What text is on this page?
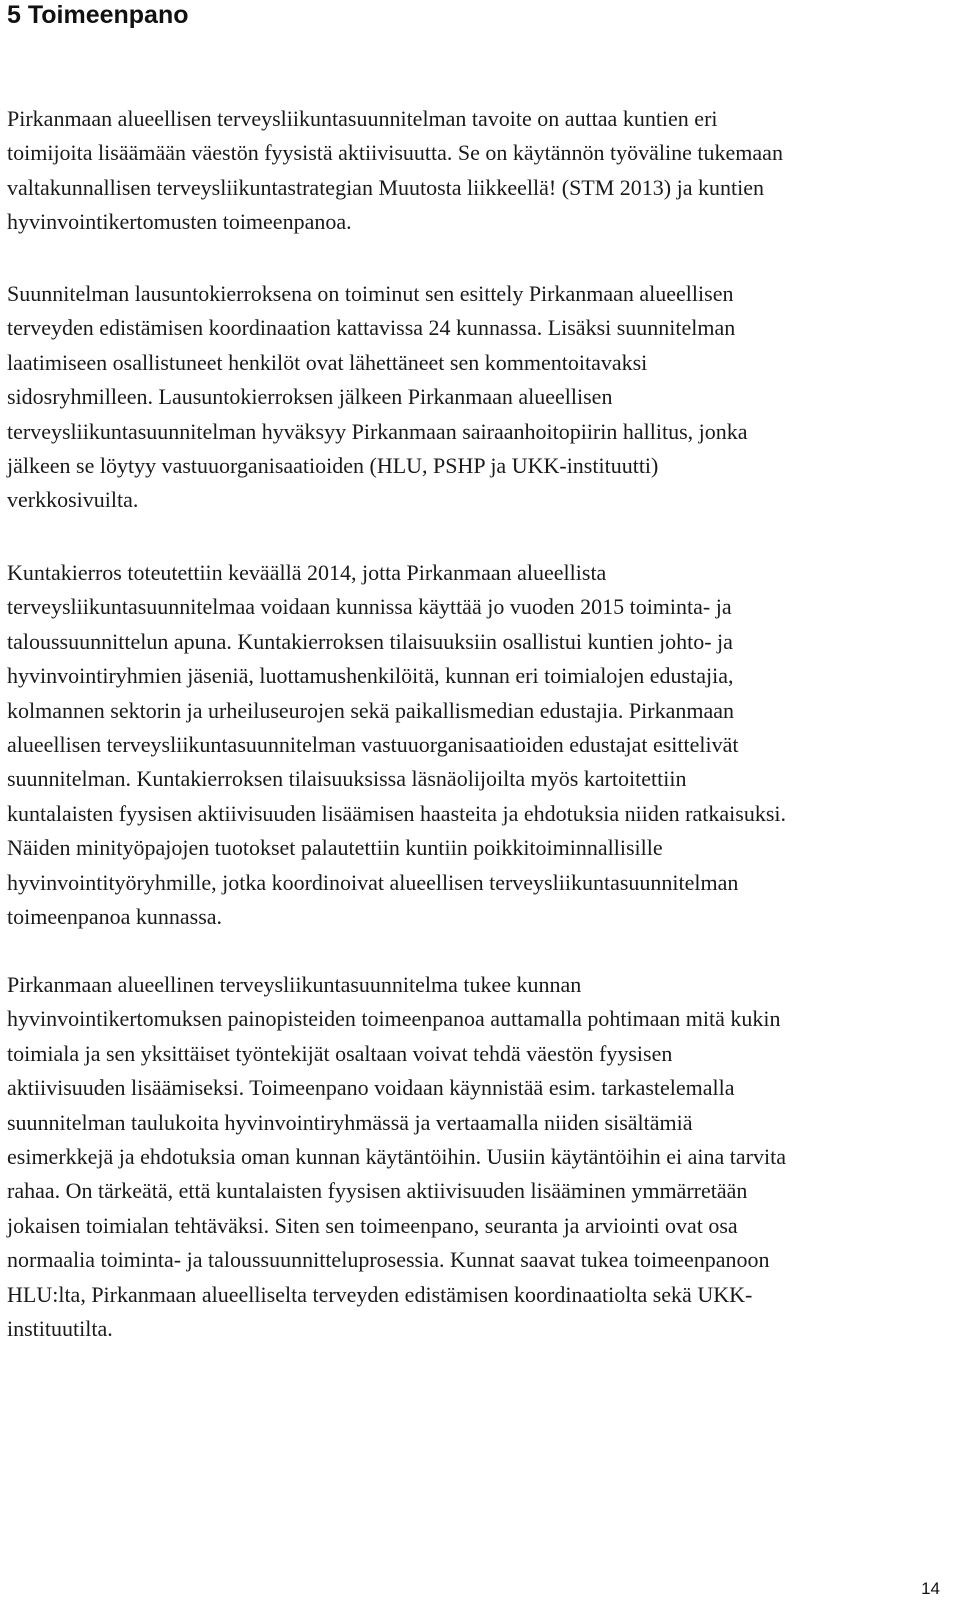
5 Toimeenpano

Pirkanmaan alueellisen terveysliikuntasuunnitelman tavoite on auttaa kuntien eri
toimijoita lisäämään väestön fyysistä aktiivisuutta. Se on käytännön työväline tukemaan
valtakunnallisen terveysliikuntastrategian Muutosta liikkeellä! (STM 2013) ja kuntien
hyvinvointikertomusten toimeenpanoa.

Suunnitelman lausuntokierroksena on toiminut sen esittely Pirkanmaan alueellisen
terveyden edistämisen koordinaation kattavissa 24 kunnassa. Lisäksi suunnitelman
laatimiseen osallistuneet henkilöt ovat lähettäneet sen kommentoitavaksi
sidosryhmilleen. Lausuntokierroksen jälkeen Pirkanmaan alueellisen
terveysliikuntasuunnitelman hyväksyy Pirkanmaan sairaanhoitopiirin hallitus, jonka
jälkeen se löytyy vastuuorganisaatioiden (HLU, PSHP ja UKK-instituutti)
verkkosivuilta.

Kuntakierros toteutettiin keväällä 2014, jotta Pirkanmaan alueellista
terveysliikuntasuunnitelmaa voidaan kunnissa käyttää jo vuoden 2015 toiminta- ja
taloussuunnittelun apuna. Kuntakierroksen tilaisuuksiin osallistui kuntien johto- ja
hyvinvointiryhmien jäseniä, luottamushenkilöitä, kunnan eri toimialojen edustajia,
kolmannen sektorin ja urheiluseurojen sekä paikallismedian edustajia. Pirkanmaan
alueellisen terveysliikuntasuunnitelman vastuuorganisaatioiden edustajat esittelivät
suunnitelman. Kuntakierroksen tilaisuuksissa läsnäolijoilta myös kartoitettiin
kuntalaisten fyysisen aktiivisuuden lisäämisen haasteita ja ehdotuksia niiden ratkaisuksi.
Näiden minityöpajojen tuotokset palautettiin kuntiin poikkitoiminnallisille
hyvinvointityöryhmille, jotka koordinoivat alueellisen terveysliikuntasuunnitelman
toimeenpanoa kunnassa.

Pirkanmaan alueellinen terveysliikuntasuunnitelma tukee kunnan
hyvinvointikertomuksen painopisteiden toimeenpanoa auttamalla pohtimaan mitä kukin
toimiala ja sen yksittäiset työntekijät osaltaan voivat tehdä väestön fyysisen
aktiivisuuden lisäämiseksi. Toimeenpano voidaan käynnistää esim. tarkastelemalla
suunnitelman taulukoita hyvinvointiryhmässä ja vertaamalla niiden sisältämiä
esimerkkejä ja ehdotuksia oman kunnan käytäntöihin. Uusiin käytäntöihin ei aina tarvita
rahaa. On tärkeätä, että kuntalaisten fyysisen aktiivisuuden lisääminen ymmärretään
jokaisen toimialan tehtäväksi. Siten sen toimeenpano, seuranta ja arviointi ovat osa
normaalia toiminta- ja taloussuunnitteluprosessia. Kunnat saavat tukea toimeenpanoon
HLU:lta, Pirkanmaan alueelliselta terveyden edistämisen koordinaatiolta sekä UKK-
instituutilta.

14
